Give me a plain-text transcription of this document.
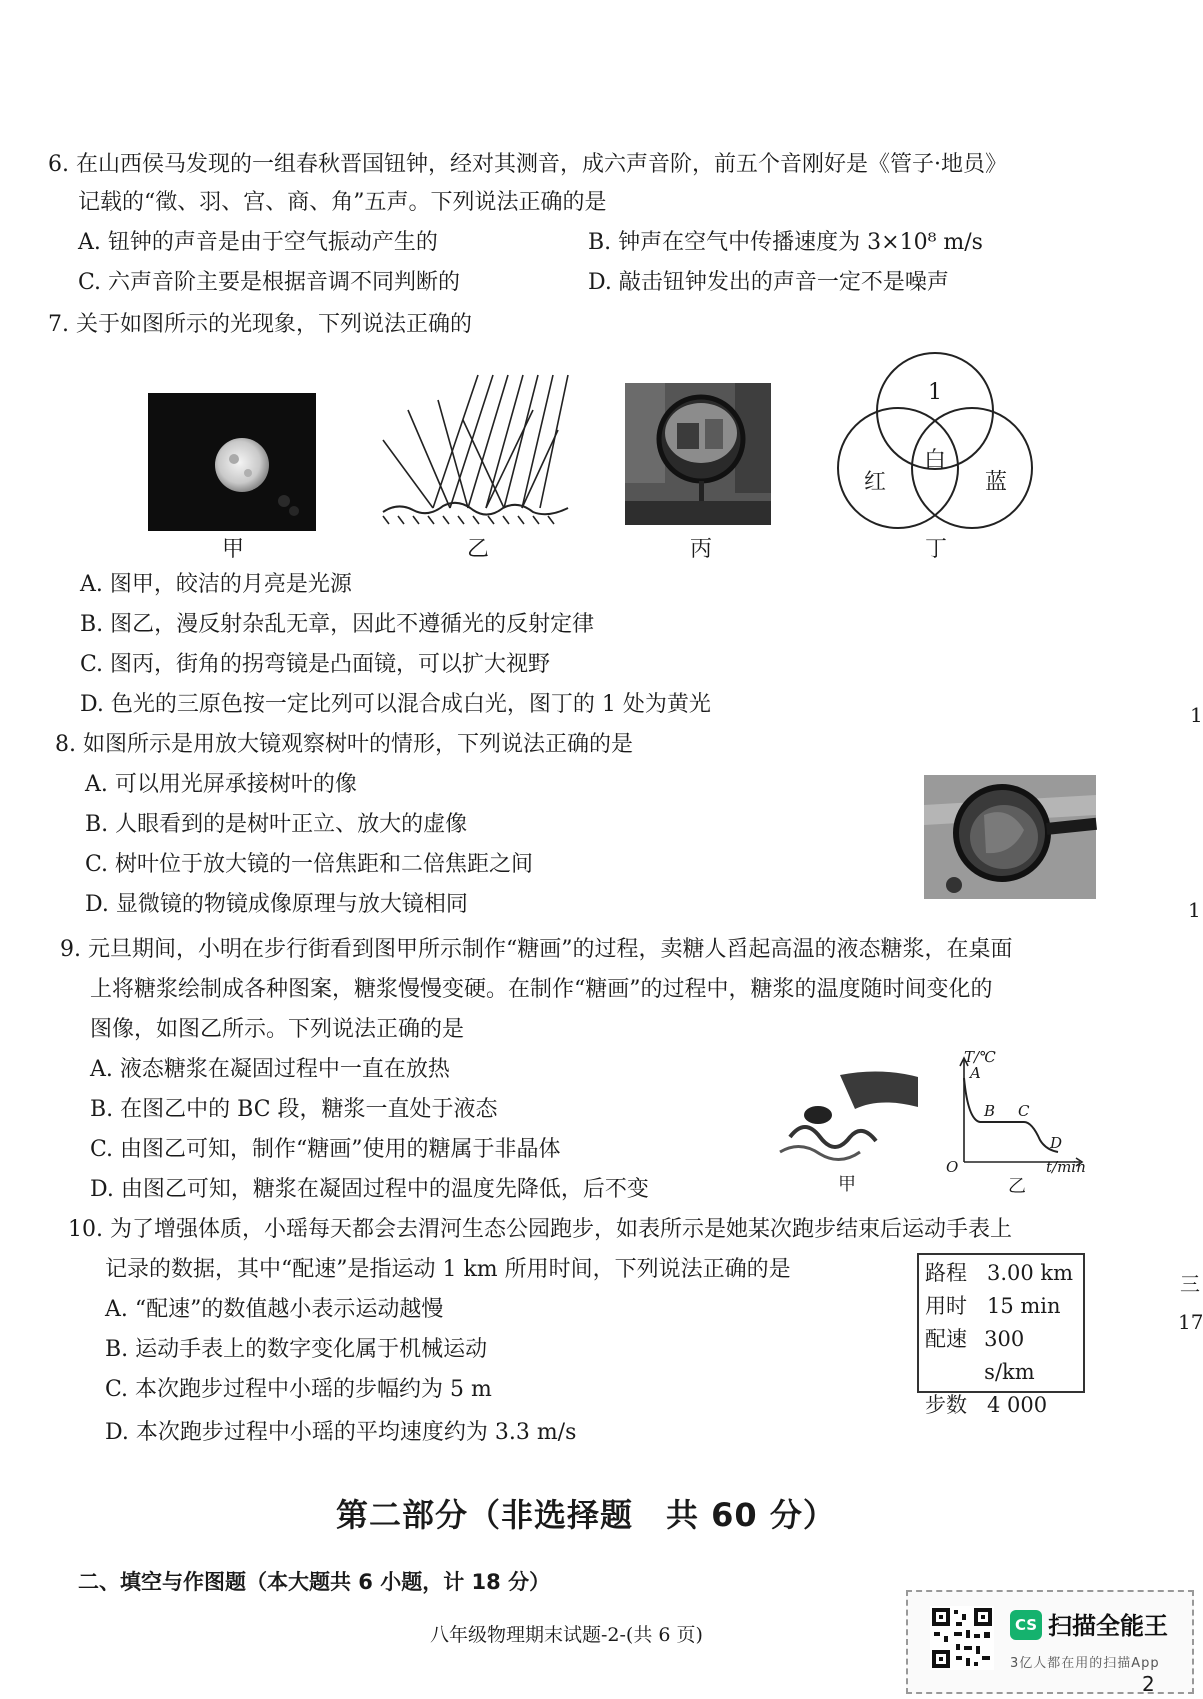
6. 在山西侯马发现的一组春秋晋国钮钟，经对其测音，成六声音阶，前五个音刚好是《管子·地员》
记载的“徵、羽、宫、商、角”五声。下列说法正确的是
A. 钮钟的声音是由于空气振动产生的	B. 钟声在空气中传播速度为 3×10⁸ m/s
C. 六声音阶主要是根据音调不同判断的	D. 敲击钮钟发出的声音一定不是噪声
7. 关于如图所示的光现象，下列说法正确的
甲	乙	丙
1
红	蓝
白
丁
A. 图甲，皎洁的月亮是光源
B. 图乙，漫反射杂乱无章，因此不遵循光的反射定律
C. 图丙，街角的拐弯镜是凸面镜，可以扩大视野
D. 色光的三原色按一定比列可以混合成白光，图丁的 1 处为黄光
8. 如图所示是用放大镜观察树叶的情形，下列说法正确的是
A. 可以用光屏承接树叶的像
B. 人眼看到的是树叶正立、放大的虚像
C. 树叶位于放大镜的一倍焦距和二倍焦距之间
D. 显微镜的物镜成像原理与放大镜相同
9. 元旦期间，小明在步行街看到图甲所示制作“糖画”的过程，卖糖人舀起高温的液态糖浆，在桌面
上将糖浆绘制成各种图案，糖浆慢慢变硬。在制作“糖画”的过程中，糖浆的温度随时间变化的
图像，如图乙所示。下列说法正确的是
A. 液态糖浆在凝固过程中一直在放热
B. 在图乙中的 BC 段，糖浆一直处于液态
C. 由图乙可知，制作“糖画”使用的糖属于非晶体
D. 由图乙可知，糖浆在凝固过程中的温度先降低，后不变	甲
T/℃
A
B C
D
O	t/min
乙
10. 为了增强体质，小瑶每天都会去渭河生态公园跑步，如表所示是她某次跑步结束后运动手表上
记录的数据，其中“配速”是指运动 1 km 所用时间，下列说法正确的是
A. “配速”的数值越小表示运动越慢
B. 运动手表上的数字变化属于机械运动
C. 本次跑步过程中小瑶的步幅约为 5 m
D. 本次跑步过程中小瑶的平均速度约为 3.3 m/s
路程 3.00 km
用时 15 min
配速 300 s/km
步数 4 000
第二部分（非选择题　共 60 分）
二、填空与作图题（本大题共 6 小题，计 18 分）
八年级物理期末试题-2-(共 6 页)	CS 扫描全能王
3亿人都在用的扫描App
2
1
1
三
17
